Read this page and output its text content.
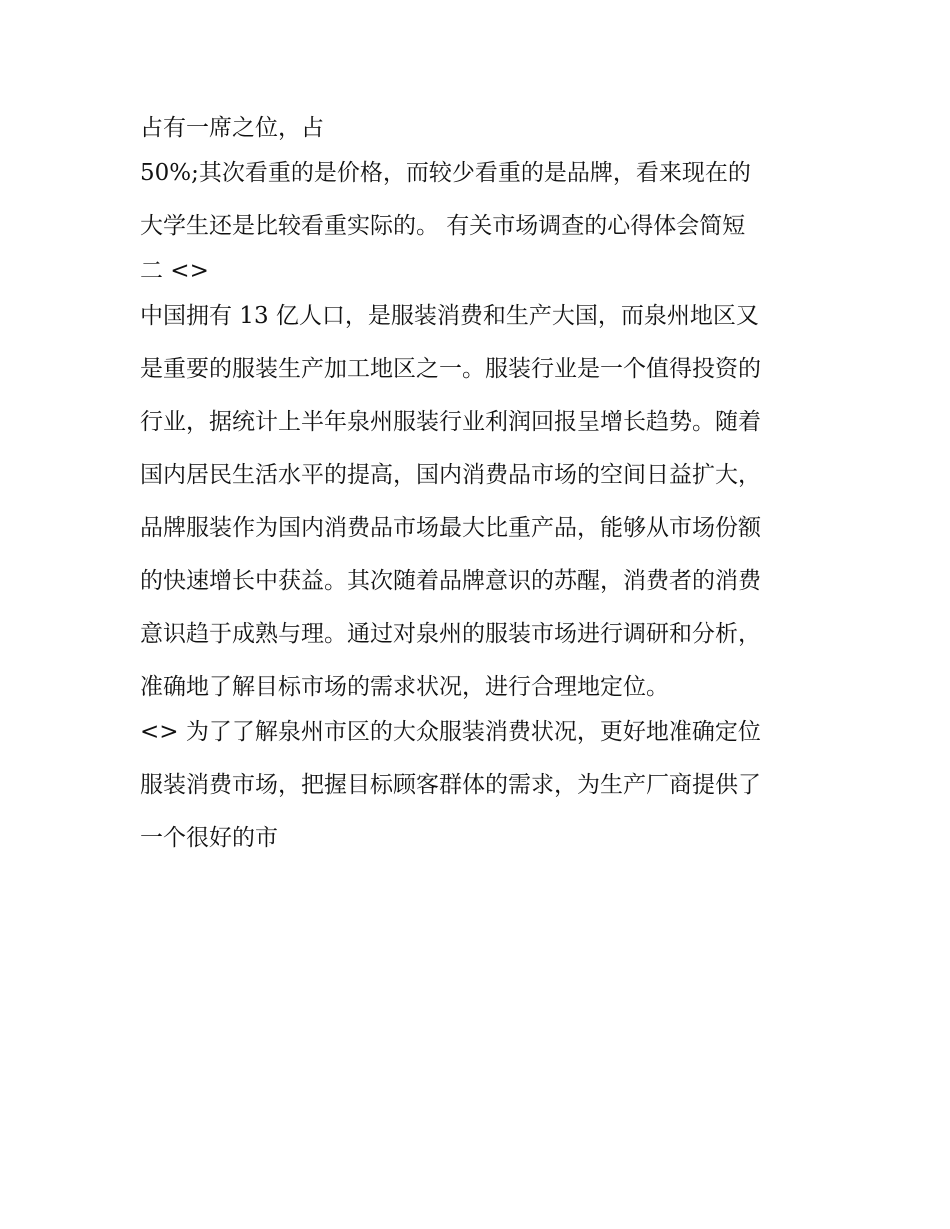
占有一席之位，占
50%;其次看重的是价格，而较少看重的是品牌，看来现在的
大学生还是比较看重实际的。 有关市场调查的心得体会简短
二 <>
中国拥有 13 亿人口，是服装消费和生产大国，而泉州地区又
是重要的服装生产加工地区之一。服装行业是一个值得投资的
行业，据统计上半年泉州服装行业利润回报呈增长趋势。随着
国内居民生活水平的提高，国内消费品市场的空间日益扩大，
品牌服装作为国内消费品市场最大比重产品，能够从市场份额
的快速增长中获益。其次随着品牌意识的苏醒，消费者的消费
意识趋于成熟与理。通过对泉州的服装市场进行调研和分析，
准确地了解目标市场的需求状况，进行合理地定位。
<> 为了了解泉州市区的大众服装消费状况，更好地准确定位
服装消费市场，把握目标顾客群体的需求，为生产厂商提供了
一个很好的市
